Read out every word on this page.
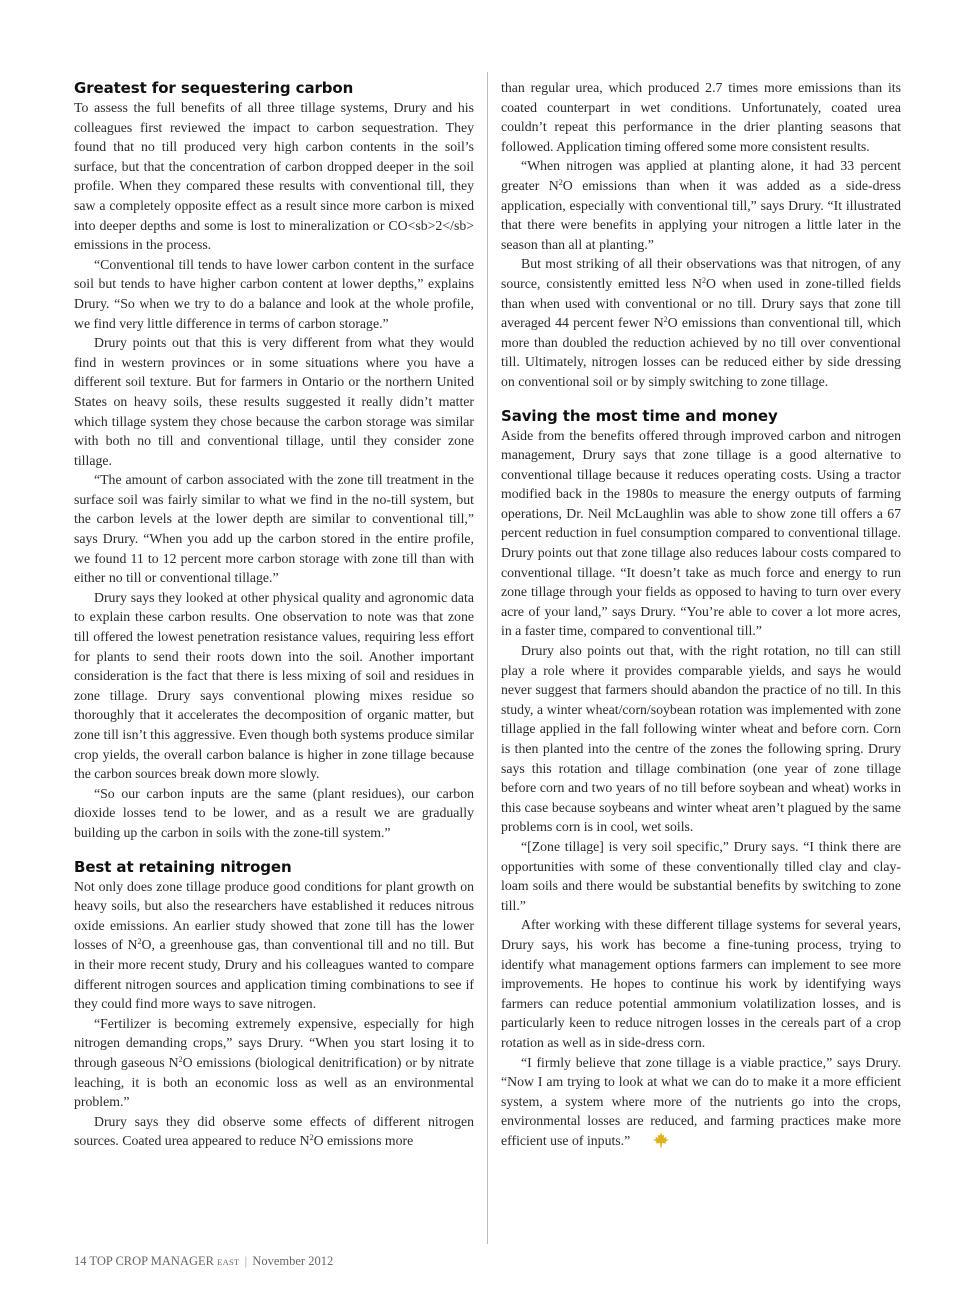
Greatest for sequestering carbon

To assess the full benefits of all three tillage systems, Drury and his colleagues first reviewed the impact to carbon sequestration. They found that no till produced very high carbon contents in the soil’s surface, but that the concentration of carbon dropped deeper in the soil profile. When they compared these results with conventional till, they saw a completely opposite effect as a result since more carbon is mixed into deeper depths and some is lost to mineralization or CO<sb>2</sb> emissions in the process.

“Conventional till tends to have lower carbon content in the surface soil but tends to have higher carbon content at lower depths,” explains Drury. “So when we try to do a balance and look at the whole profile, we find very little difference in terms of carbon storage.”

Drury points out that this is very different from what they would find in western provinces or in some situations where you have a different soil texture. But for farmers in Ontario or the northern United States on heavy soils, these results suggested it really didn’t matter which tillage system they chose because the carbon storage was similar with both no till and conventional tillage, until they consider zone tillage.

“The amount of carbon associated with the zone till treatment in the surface soil was fairly similar to what we find in the no-till system, but the carbon levels at the lower depth are similar to conventional till,” says Drury. “When you add up the carbon stored in the entire profile, we found 11 to 12 percent more carbon storage with zone till than with either no till or conventional tillage.”

Drury says they looked at other physical quality and agronomic data to explain these carbon results. One observation to note was that zone till offered the lowest penetration resistance values, requiring less effort for plants to send their roots down into the soil. Another important consideration is the fact that there is less mixing of soil and residues in zone tillage. Drury says conventional plowing mixes residue so thoroughly that it accelerates the decomposition of organic matter, but zone till isn’t this aggressive. Even though both systems produce similar crop yields, the overall carbon balance is higher in zone tillage because the carbon sources break down more slowly.

“So our carbon inputs are the same (plant residues), our carbon dioxide losses tend to be lower, and as a result we are gradually building up the carbon in soils with the zone-till system.”

Best at retaining nitrogen

Not only does zone tillage produce good conditions for plant growth on heavy soils, but also the researchers have established it reduces nitrous oxide emissions. An earlier study showed that zone till has the lower losses of $N^2O$, a greenhouse gas, than conventional till and no till. But in their more recent study, Drury and his colleagues wanted to compare different nitrogen sources and application timing combinations to see if they could find more ways to save nitrogen.

“Fertilizer is becoming extremely expensive, especially for high nitrogen demanding crops,” says Drury. “When you start losing it to through gaseous $N^2O$ emissions (biological denitrification) or by nitrate leaching, it is both an economic loss as well as an environmental problem.”

Drury says they did observe some effects of different nitrogen sources. Coated urea appeared to reduce $N^2O$ emissions more

than regular urea, which produced 2.7 times more emissions than its coated counterpart in wet conditions. Unfortunately, coated urea couldn’t repeat this performance in the drier planting seasons that followed. Application timing offered some more consistent results.

“When nitrogen was applied at planting alone, it had 33 percent greater $N^2O$ emissions than when it was added as a side-dress application, especially with conventional till,” says Drury. “It illustrated that there were benefits in applying your nitrogen a little later in the season than all at planting.”

But most striking of all their observations was that nitrogen, of any source, consistently emitted less $N^2O$ when used in zone-tilled fields than when used with conventional or no till. Drury says that zone till averaged 44 percent fewer $N^2O$ emissions than conventional till, which more than doubled the reduction achieved by no till over conventional till. Ultimately, nitrogen losses can be reduced either by side dressing on conventional soil or by simply switching to zone tillage.

Saving the most time and money

Aside from the benefits offered through improved carbon and nitrogen management, Drury says that zone tillage is a good alternative to conventional tillage because it reduces operating costs. Using a tractor modified back in the 1980s to measure the energy outputs of farming operations, Dr. Neil McLaughlin was able to show zone till offers a 67 percent reduction in fuel consumption compared to conventional tillage. Drury points out that zone tillage also reduces labour costs compared to conventional tillage. “It doesn’t take as much force and energy to run zone tillage through your fields as opposed to having to turn over every acre of your land,” says Drury. “You’re able to cover a lot more acres, in a faster time, compared to conventional till.”

Drury also points out that, with the right rotation, no till can still play a role where it provides comparable yields, and says he would never suggest that farmers should abandon the practice of no till. In this study, a winter wheat/corn/soybean rotation was implemented with zone tillage applied in the fall following winter wheat and before corn. Corn is then planted into the centre of the zones the following spring. Drury says this rotation and tillage combination (one year of zone tillage before corn and two years of no till before soybean and wheat) works in this case because soybeans and winter wheat aren’t plagued by the same problems corn is in cool, wet soils.

“[Zone tillage] is very soil specific,” Drury says. “I think there are opportunities with some of these conventionally tilled clay and clay-loam soils and there would be substantial benefits by switching to zone till.”

After working with these different tillage systems for several years, Drury says, his work has become a fine-tuning process, trying to identify what management options farmers can implement to see more improvements. He hopes to continue his work by identifying ways farmers can reduce potential ammonium volatilization losses, and is particularly keen to reduce nitrogen losses in the cereals part of a crop rotation as well as in side-dress corn.

“I firmly believe that zone tillage is a viable practice,” says Drury. “Now I am trying to look at what we can do to make it a more efficient system, a system where more of the nutrients go into the crops, environmental losses are reduced, and farming practices make more efficient use of inputs.”

14 TOP CROP MANAGER EAST | November 2012
